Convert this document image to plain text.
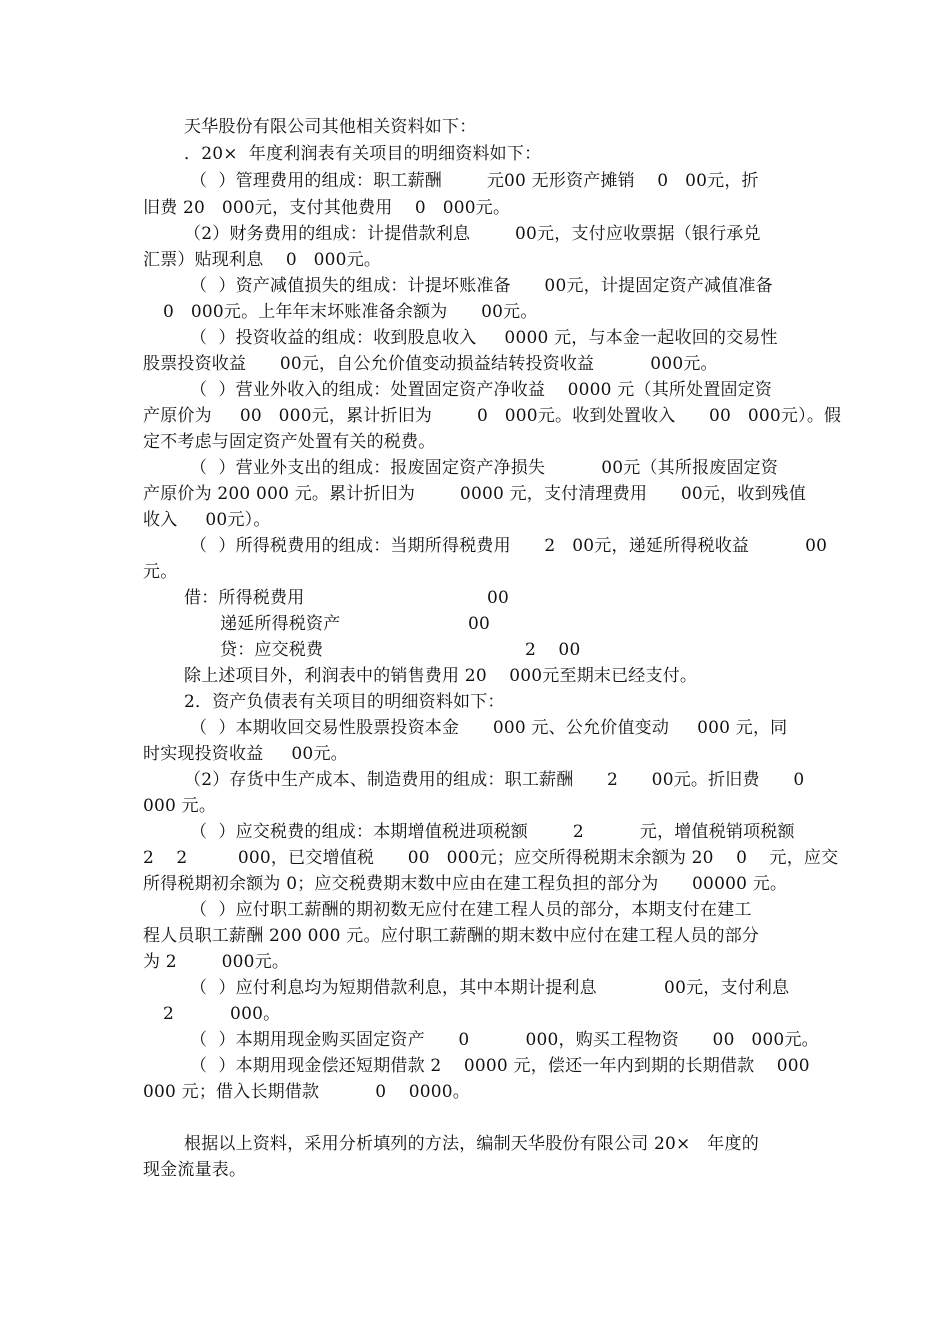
天华股份有限公司其他相关资料如下：
．20×  年度利润表有关项目的明细资料如下：
（  ）管理费用的组成：职工薪酬        元00 无形资产摊销    0   00元，折
旧费 20   000元，支付其他费用    0   000元。
（2）财务费用的组成：计提借款利息        00元，支付应收票据（银行承兑
汇票）贴现利息    0   000元。
（  ）资产减值损失的组成：计提坏账准备      00元，计提固定资产减值准备
0   000元。上年年末坏账准备余额为      00元。
（  ）投资收益的组成：收到股息收入     0000 元，与本金一起收回的交易性
股票投资收益      00元，自公允价值变动损益结转投资收益          000元。
（  ）营业外收入的组成：处置固定资产净收益    0000 元（其所处置固定资
产原价为     00   000元，累计折旧为        0   000元。收到处置收入      00   000元）。假
定不考虑与固定资产处置有关的税费。
（  ）营业外支出的组成：报废固定资产净损失          00元（其所报废固定资
产原价为 200 000 元。累计折旧为        0000 元，支付清理费用      00元，收到残值
收入     00元）。
（  ）所得税费用的组成：当期所得税费用      2   00元，递延所得税收益          00
元。
借：所得税费用	00
递延所得税资产	00
贷：应交税费	2    00
除上述项目外，利润表中的销售费用 20    000元至期末已经支付。
2．资产负债表有关项目的明细资料如下：
（  ）本期收回交易性股票投资本金      000 元、公允价值变动     000 元，同
时实现投资收益     00元。
（2）存货中生产成本、制造费用的组成：职工薪酬      2      00元。折旧费      0
000 元。
（  ）应交税费的组成：本期增值税进项税额        2          元，增值税销项税额
2    2         000，已交增值税      00   000元；应交所得税期末余额为 20    0    元，应交
所得税期初余额为 0；应交税费期末数中应由在建工程负担的部分为      00000 元。
（  ）应付职工薪酬的期初数无应付在建工程人员的部分，本期支付在建工
程人员职工薪酬 200 000 元。应付职工薪酬的期末数中应付在建工程人员的部分
为 2        000元。
（  ）应付利息均为短期借款利息，其中本期计提利息            00元，支付利息
2          000。
（  ）本期用现金购买固定资产      0          000，购买工程物资      00   000元。
（  ）本期用现金偿还短期借款 2    0000 元，偿还一年内到期的长期借款    000
000 元；借入长期借款          0    0000。
根据以上资料，采用分析填列的方法，编制天华股份有限公司 20×   年度的
现金流量表。
